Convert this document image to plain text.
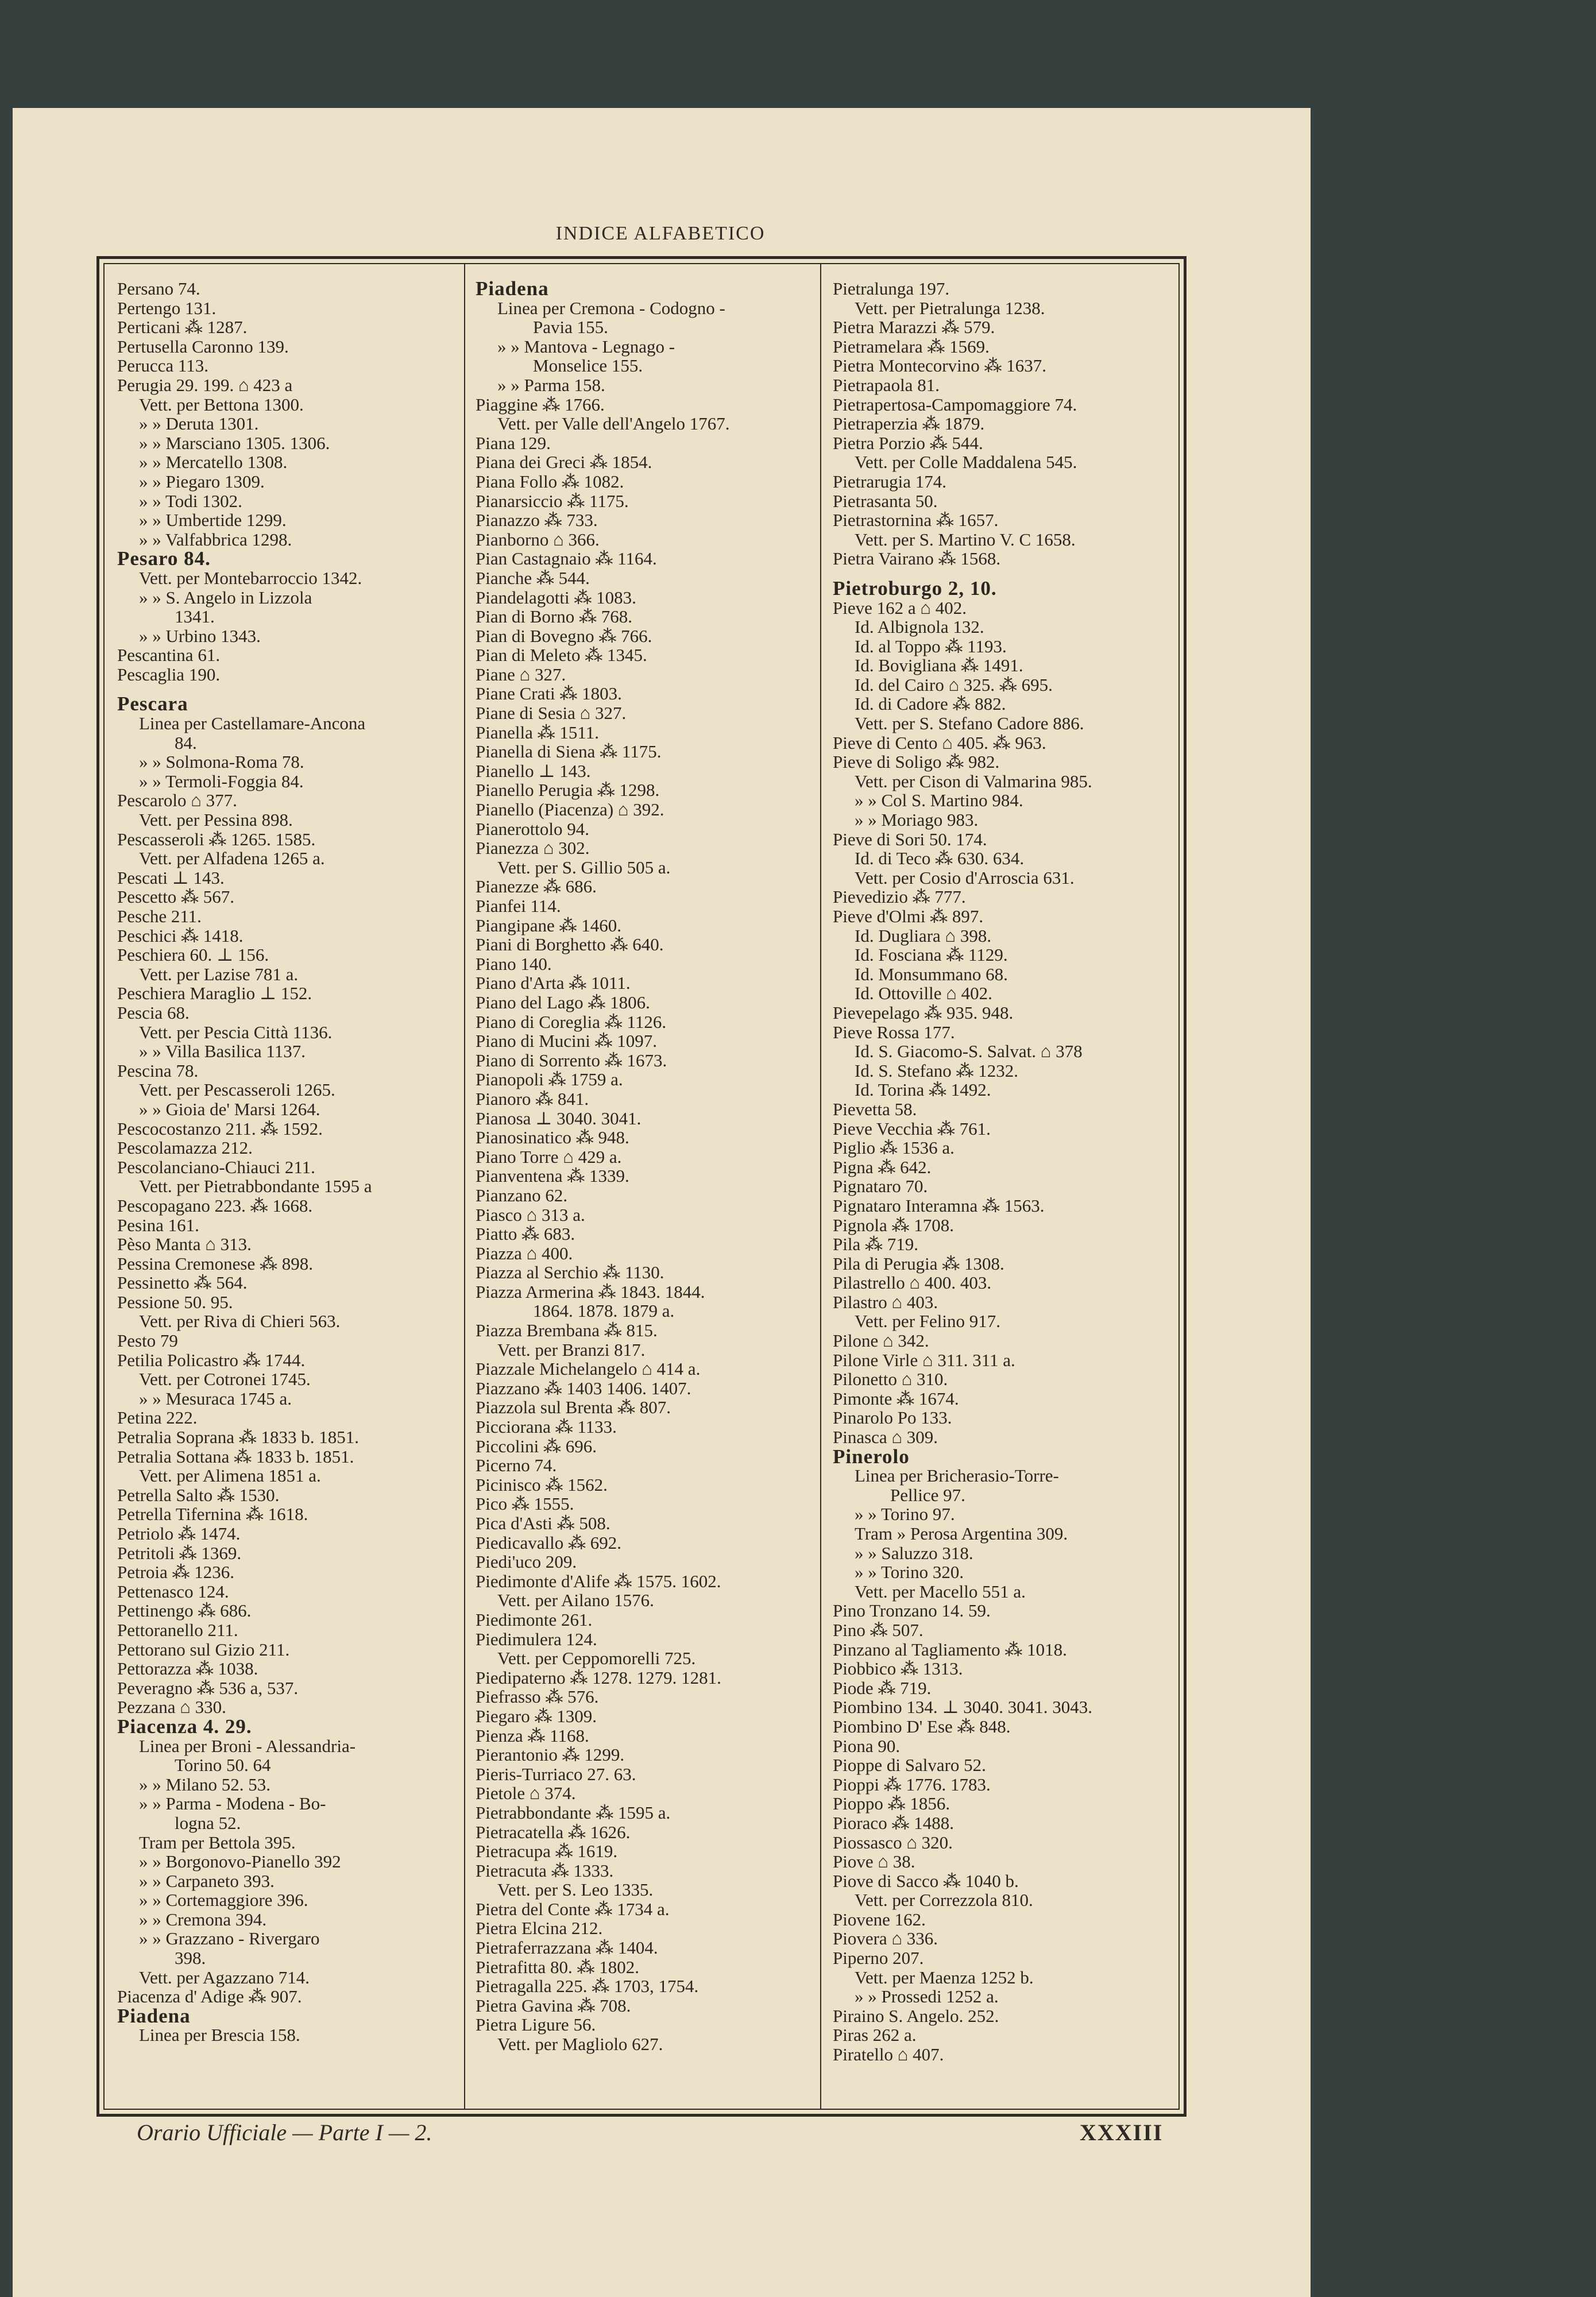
INDICE ALFABETICO
Persano 74.
Pertengo 131.
Perticani ⁂ 1287.
Pertusella Caronno 139.
Perucca 113.
Perugia 29. 199. ⌂ 423 a
Vett. per Bettona 1300.
» » Deruta 1301.
» » Marsciano 1305. 1306.
» » Mercatello 1308.
» » Piegaro 1309.
» » Todi 1302.
» » Umbertide 1299.
» » Valfabbrica 1298.
Pesaro 84.
Vett. per Montebarroccio 1342.
» » S. Angelo in Lizzola
1341.
» » Urbino 1343.
Pescantina 61.
Pescaglia 190.
Pescara
Linea per Castellamare-Ancona
84.
» » Solmona-Roma 78.
» » Termoli-Foggia 84.
Pescarolo ⌂ 377.
Vett. per Pessina 898.
Pescasseroli ⁂ 1265. 1585.
Vett. per Alfadena 1265 a.
Pescati ⊥ 143.
Pescetto ⁂ 567.
Pesche 211.
Peschici ⁂ 1418.
Peschiera 60. ⊥ 156.
Vett. per Lazise 781 a.
Peschiera Maraglio ⊥ 152.
Pescia 68.
Vett. per Pescia Città 1136.
» » Villa Basilica 1137.
Pescina 78.
Vett. per Pescasseroli 1265.
» » Gioia de' Marsi 1264.
Pescocostanzo 211. ⁂ 1592.
Pescolamazza 212.
Pescolanciano-Chiauci 211.
Vett. per Pietrabbondante 1595 a
Pescopagano 223. ⁂ 1668.
Pesina 161.
Pèso Manta ⌂ 313.
Pessina Cremonese ⁂ 898.
Pessinetto ⁂ 564.
Pessione 50. 95.
Vett. per Riva di Chieri 563.
Pesto 79
Petilia Policastro ⁂ 1744.
Vett. per Cotronei 1745.
» » Mesuraca 1745 a.
Petina 222.
Petralia Soprana ⁂ 1833 b. 1851.
Petralia Sottana ⁂ 1833 b. 1851.
Vett. per Alimena 1851 a.
Petrella Salto ⁂ 1530.
Petrella Tifernina ⁂ 1618.
Petriolo ⁂ 1474.
Petritoli ⁂ 1369.
Petroia ⁂ 1236.
Pettenasco 124.
Pettinengo ⁂ 686.
Pettoranello 211.
Pettorano sul Gizio 211.
Pettorazza ⁂ 1038.
Peveragno ⁂ 536 a, 537.
Pezzana ⌂ 330.
Piacenza 4. 29.
Linea per Broni - Alessandria-
Torino 50. 64
» » Milano 52. 53.
» » Parma - Modena - Bo-
logna 52.
Tram per Bettola 395.
» » Borgonovo-Pianello 392
» » Carpaneto 393.
» » Cortemaggiore 396.
» » Cremona 394.
» » Grazzano - Rivergaro
398.
Vett. per Agazzano 714.
Piacenza d' Adige ⁂ 907.
Piadena
Linea per Brescia 158.
Piadena
Linea per Cremona - Codogno -
Pavia 155.
» » Mantova - Legnago -
Monselice 155.
» » Parma 158.
Piaggine ⁂ 1766.
Vett. per Valle dell'Angelo 1767.
Piana 129.
Piana dei Greci ⁂ 1854.
Piana Follo ⁂ 1082.
Pianarsiccio ⁂ 1175.
Pianazzo ⁂ 733.
Pianborno ⌂ 366.
Pian Castagnaio ⁂ 1164.
Pianche ⁂ 544.
Piandelagotti ⁂ 1083.
Pian di Borno ⁂ 768.
Pian di Bovegno ⁂ 766.
Pian di Meleto ⁂ 1345.
Piane ⌂ 327.
Piane Crati ⁂ 1803.
Piane di Sesia ⌂ 327.
Pianella ⁂ 1511.
Pianella di Siena ⁂ 1175.
Pianello ⊥ 143.
Pianello Perugia ⁂ 1298.
Pianello (Piacenza) ⌂ 392.
Pianerottolo 94.
Pianezza ⌂ 302.
Vett. per S. Gillio 505 a.
Pianezze ⁂ 686.
Pianfei 114.
Piangipane ⁂ 1460.
Piani di Borghetto ⁂ 640.
Piano 140.
Piano d'Arta ⁂ 1011.
Piano del Lago ⁂ 1806.
Piano di Coreglia ⁂ 1126.
Piano di Mucini ⁂ 1097.
Piano di Sorrento ⁂ 1673.
Pianopoli ⁂ 1759 a.
Pianoro ⁂ 841.
Pianosa ⊥ 3040. 3041.
Pianosinatico ⁂ 948.
Piano Torre ⌂ 429 a.
Pianventena ⁂ 1339.
Pianzano 62.
Piasco ⌂ 313 a.
Piatto ⁂ 683.
Piazza ⌂ 400.
Piazza al Serchio ⁂ 1130.
Piazza Armerina ⁂ 1843. 1844.
1864. 1878. 1879 a.
Piazza Brembana ⁂ 815.
Vett. per Branzi 817.
Piazzale Michelangelo ⌂ 414 a.
Piazzano ⁂ 1403 1406. 1407.
Piazzola sul Brenta ⁂ 807.
Picciorana ⁂ 1133.
Piccolini ⁂ 696.
Picerno 74.
Picinisco ⁂ 1562.
Pico ⁂ 1555.
Pica d'Asti ⁂ 508.
Piedicavallo ⁂ 692.
Piedi'uco 209.
Piedimonte d'Alife ⁂ 1575. 1602.
Vett. per Ailano 1576.
Piedimonte 261.
Piedimulera 124.
Vett. per Ceppomorelli 725.
Piedipaterno ⁂ 1278. 1279. 1281.
Piefrasso ⁂ 576.
Piegaro ⁂ 1309.
Pienza ⁂ 1168.
Pierantonio ⁂ 1299.
Pieris-Turriaco 27. 63.
Pietole ⌂ 374.
Pietrabbondante ⁂ 1595 a.
Pietracatella ⁂ 1626.
Pietracupa ⁂ 1619.
Pietracuta ⁂ 1333.
Vett. per S. Leo 1335.
Pietra del Conte ⁂ 1734 a.
Pietra Elcina 212.
Pietraferrazzana ⁂ 1404.
Pietrafitta 80. ⁂ 1802.
Pietragalla 225. ⁂ 1703, 1754.
Pietra Gavina ⁂ 708.
Pietra Ligure 56.
Vett. per Magliolo 627.
Pietralunga 197.
Vett. per Pietralunga 1238.
Pietra Marazzi ⁂ 579.
Pietramelara ⁂ 1569.
Pietra Montecorvino ⁂ 1637.
Pietrapaola 81.
Pietrapertosa-Campomaggiore 74.
Pietraperzia ⁂ 1879.
Pietra Porzio ⁂ 544.
Vett. per Colle Maddalena 545.
Pietrarugia 174.
Pietrasanta 50.
Pietrastornina ⁂ 1657.
Vett. per S. Martino V. C 1658.
Pietra Vairano ⁂ 1568.
Pietroburgo 2, 10.
Pieve 162 a ⌂ 402.
Id. Albignola 132.
Id. al Toppo ⁂ 1193.
Id. Bovigliana ⁂ 1491.
Id. del Cairo ⌂ 325. ⁂ 695.
Id. di Cadore ⁂ 882.
Vett. per S. Stefano Cadore 886.
Pieve di Cento ⌂ 405. ⁂ 963.
Pieve di Soligo ⁂ 982.
Vett. per Cison di Valmarina 985.
» » Col S. Martino 984.
» » Moriago 983.
Pieve di Sori 50. 174.
Id. di Teco ⁂ 630. 634.
Vett. per Cosio d'Arroscia 631.
Pievedizio ⁂ 777.
Pieve d'Olmi ⁂ 897.
Id. Dugliara ⌂ 398.
Id. Fosciana ⁂ 1129.
Id. Monsummano 68.
Id. Ottoville ⌂ 402.
Pievepelago ⁂ 935. 948.
Pieve Rossa 177.
Id. S. Giacomo-S. Salvat. ⌂ 378
Id. S. Stefano ⁂ 1232.
Id. Torina ⁂ 1492.
Pievetta 58.
Pieve Vecchia ⁂ 761.
Piglio ⁂ 1536 a.
Pigna ⁂ 642.
Pignataro 70.
Pignataro Interamna ⁂ 1563.
Pignola ⁂ 1708.
Pila ⁂ 719.
Pila di Perugia ⁂ 1308.
Pilastrello ⌂ 400. 403.
Pilastro ⌂ 403.
Vett. per Felino 917.
Pilone ⌂ 342.
Pilone Virle ⌂ 311. 311 a.
Pilonetto ⌂ 310.
Pimonte ⁂ 1674.
Pinarolo Po 133.
Pinasca ⌂ 309.
Pinerolo
Linea per Bricherasio-Torre-
Pellice 97.
» » Torino 97.
Tram » Perosa Argentina 309.
» » Saluzzo 318.
» » Torino 320.
Vett. per Macello 551 a.
Pino Tronzano 14. 59.
Pino ⁂ 507.
Pinzano al Tagliamento ⁂ 1018.
Piobbico ⁂ 1313.
Piode ⁂ 719.
Piombino 134. ⊥ 3040. 3041. 3043.
Piombino D' Ese ⁂ 848.
Piona 90.
Pioppe di Salvaro 52.
Pioppi ⁂ 1776. 1783.
Pioppo ⁂ 1856.
Pioraco ⁂ 1488.
Piossasco ⌂ 320.
Piove ⌂ 38.
Piove di Sacco ⁂ 1040 b.
Vett. per Correzzola 810.
Piovene 162.
Piovera ⌂ 336.
Piperno 207.
Vett. per Maenza 1252 b.
» » Prossedi 1252 a.
Piraino S. Angelo. 252.
Piras 262 a.
Piratello ⌂ 407.
Orario Ufficiale — Parte I — 2.	XXXIII
